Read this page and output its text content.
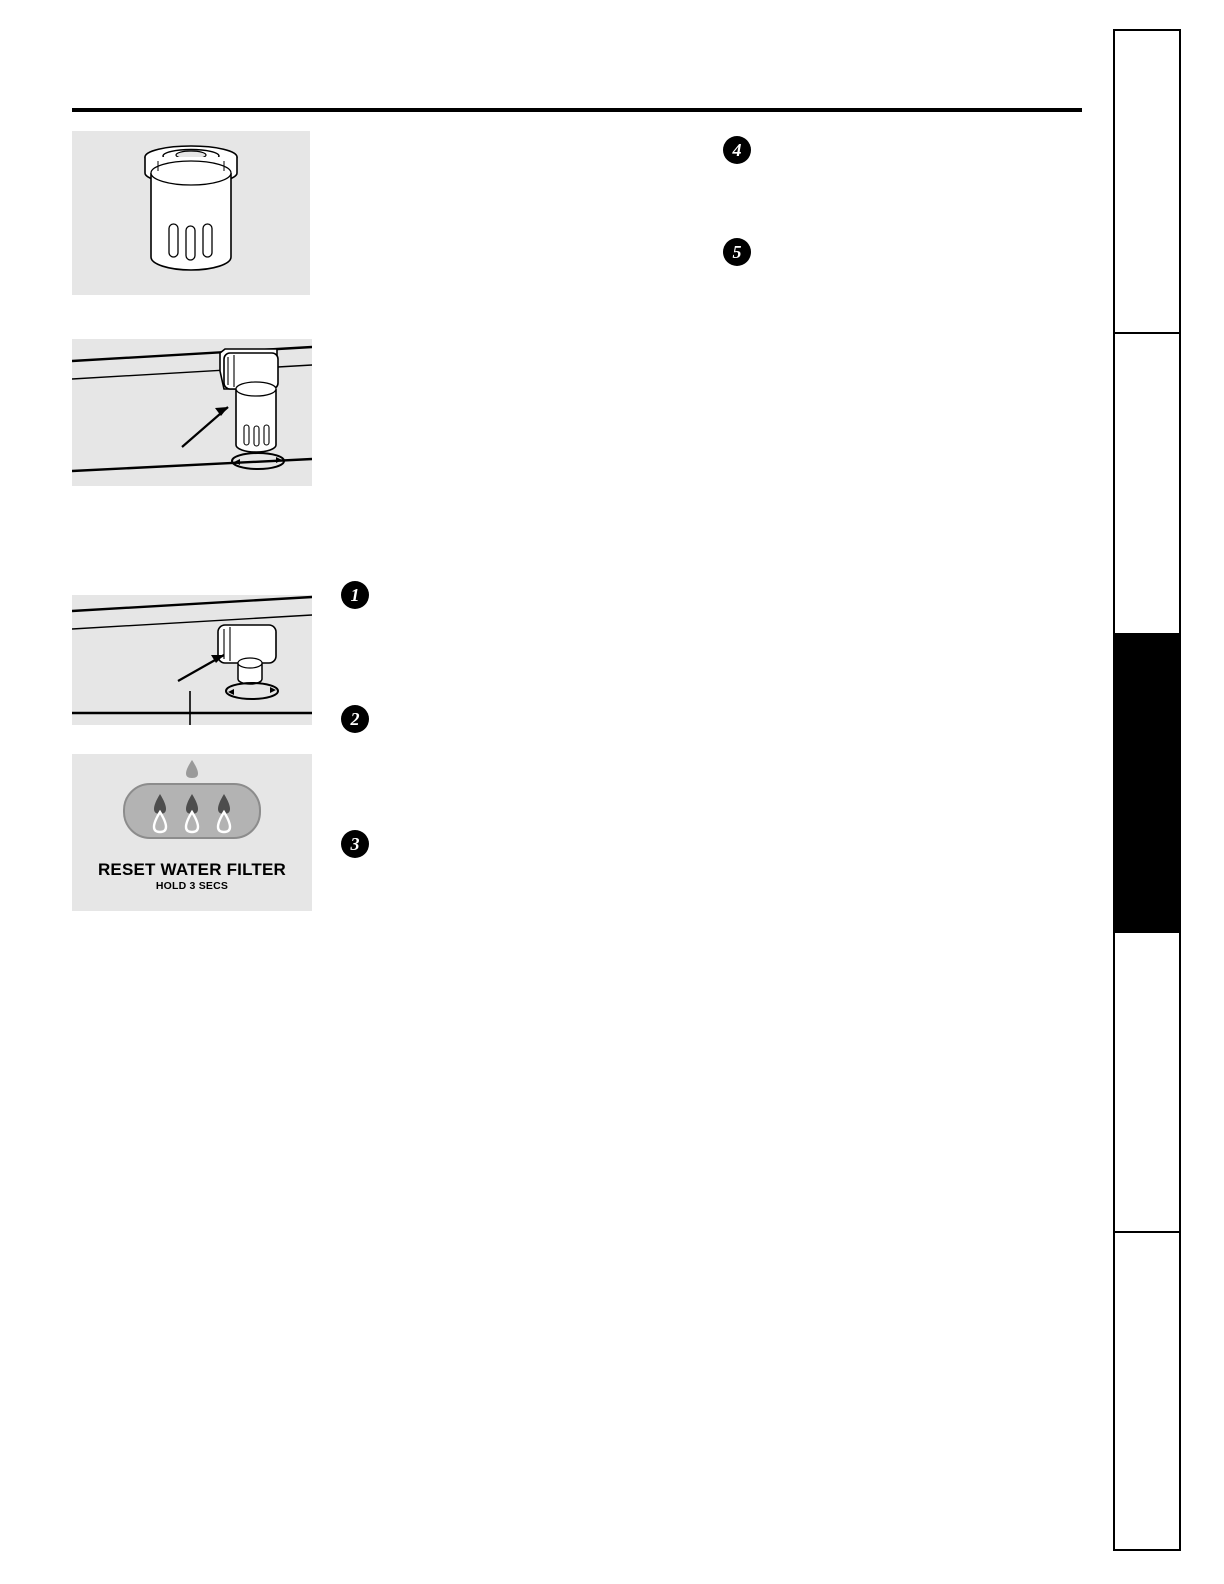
RESET WATER FILTER
HOLD 3 SECS
1
2
3
4
5
